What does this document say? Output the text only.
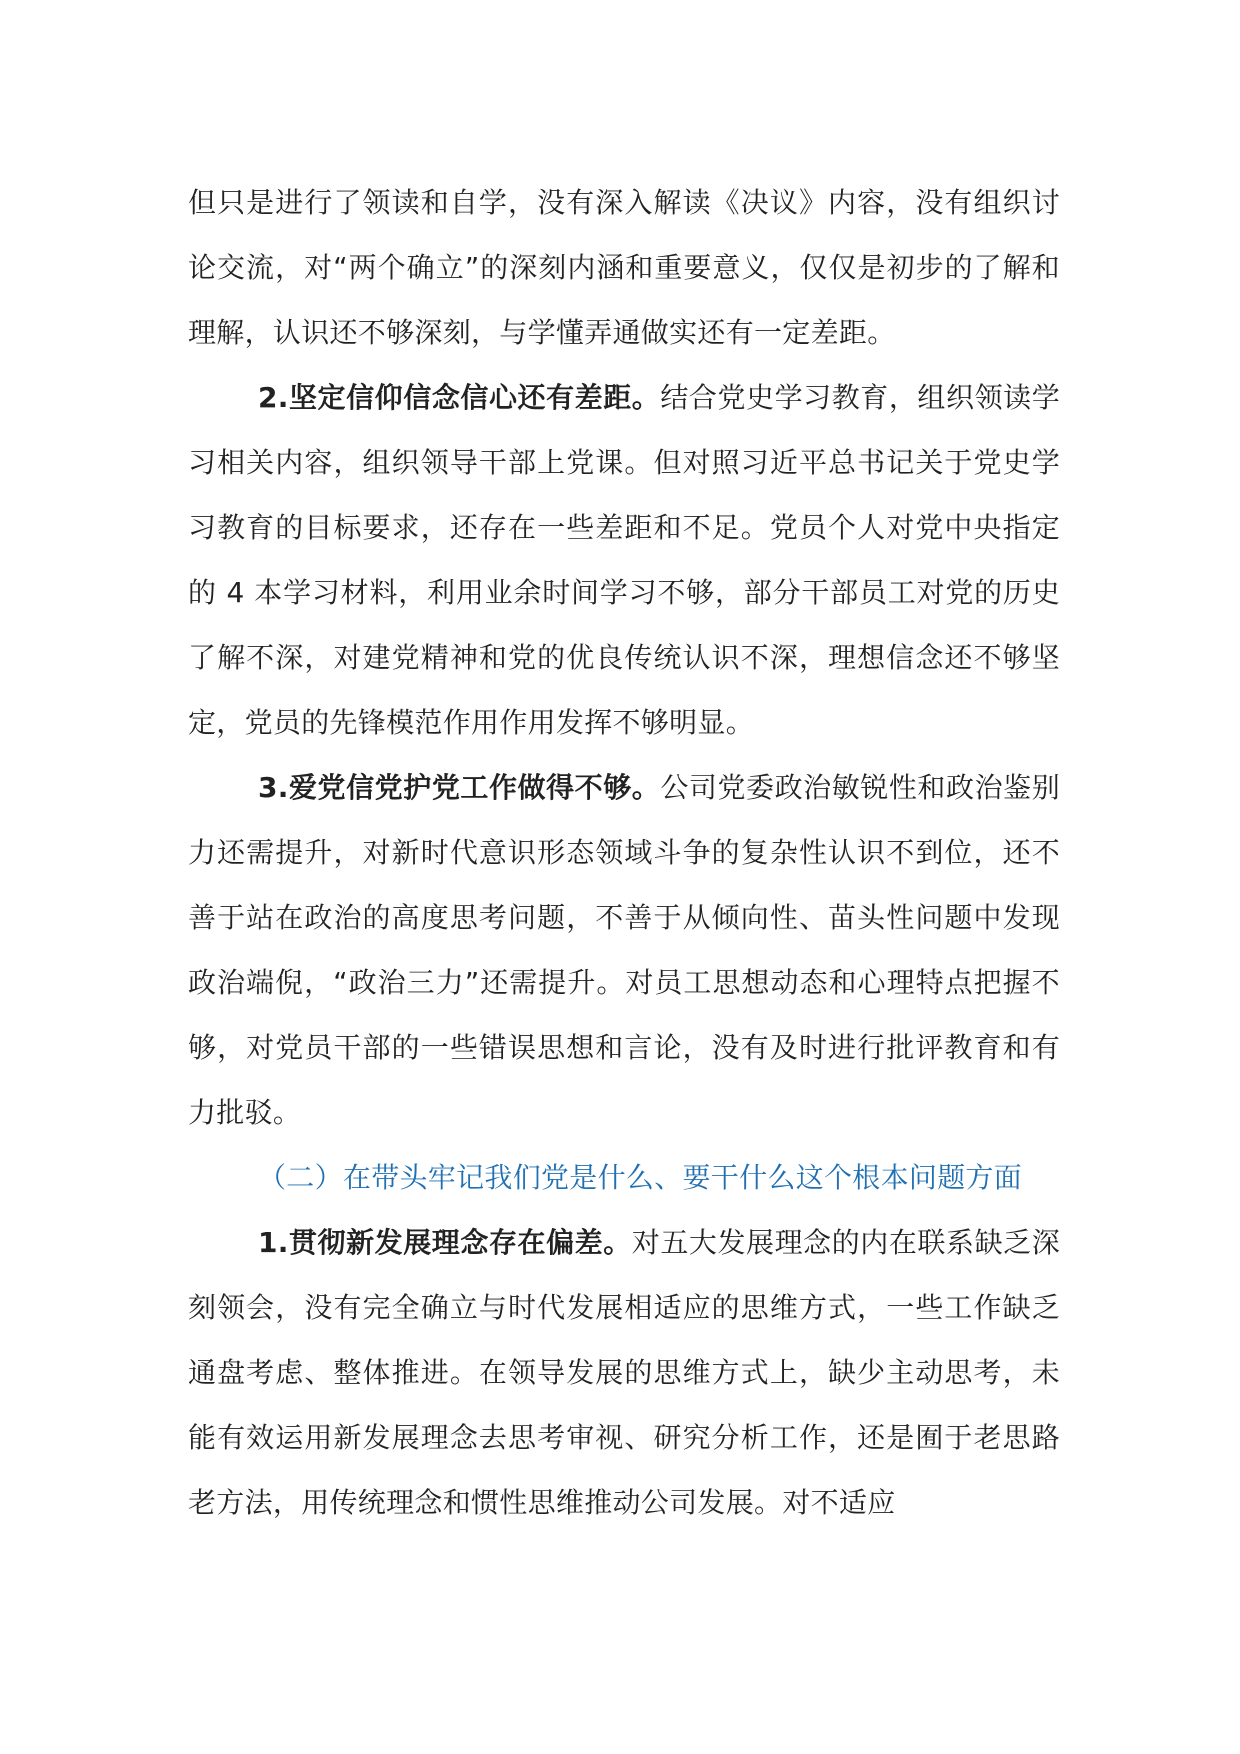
但只是进行了领读和自学，没有深入解读《决议》内容，没有组织讨论交流，对“两个确立”的深刻内涵和重要意义，仅仅是初步的了解和理解，认识还不够深刻，与学懂弄通做实还有一定差距。

2.坚定信仰信念信心还有差距。结合党史学习教育，组织领读学习相关内容，组织领导干部上党课。但对照习近平总书记关于党史学习教育的目标要求，还存在一些差距和不足。党员个人对党中央指定的 4 本学习材料，利用业余时间学习不够，部分干部员工对党的历史了解不深，对建党精神和党的优良传统认识不深，理想信念还不够坚定，党员的先锋模范作用作用发挥不够明显。

3.爱党信党护党工作做得不够。公司党委政治敏锐性和政治鉴别力还需提升，对新时代意识形态领域斗争的复杂性认识不到位，还不善于站在政治的高度思考问题，不善于从倾向性、苗头性问题中发现政治端倪，“政治三力”还需提升。对员工思想动态和心理特点把握不够，对党员干部的一些错误思想和言论，没有及时进行批评教育和有力批驳。

（二）在带头牢记我们党是什么、要干什么这个根本问题方面

1.贯彻新发展理念存在偏差。对五大发展理念的内在联系缺乏深刻领会，没有完全确立与时代发展相适应的思维方式，一些工作缺乏通盘考虑、整体推进。在领导发展的思维方式上，缺少主动思考，未能有效运用新发展理念去思考审视、研究分析工作，还是囿于老思路老方法，用传统理念和惯性思维推动公司发展。对不适应
